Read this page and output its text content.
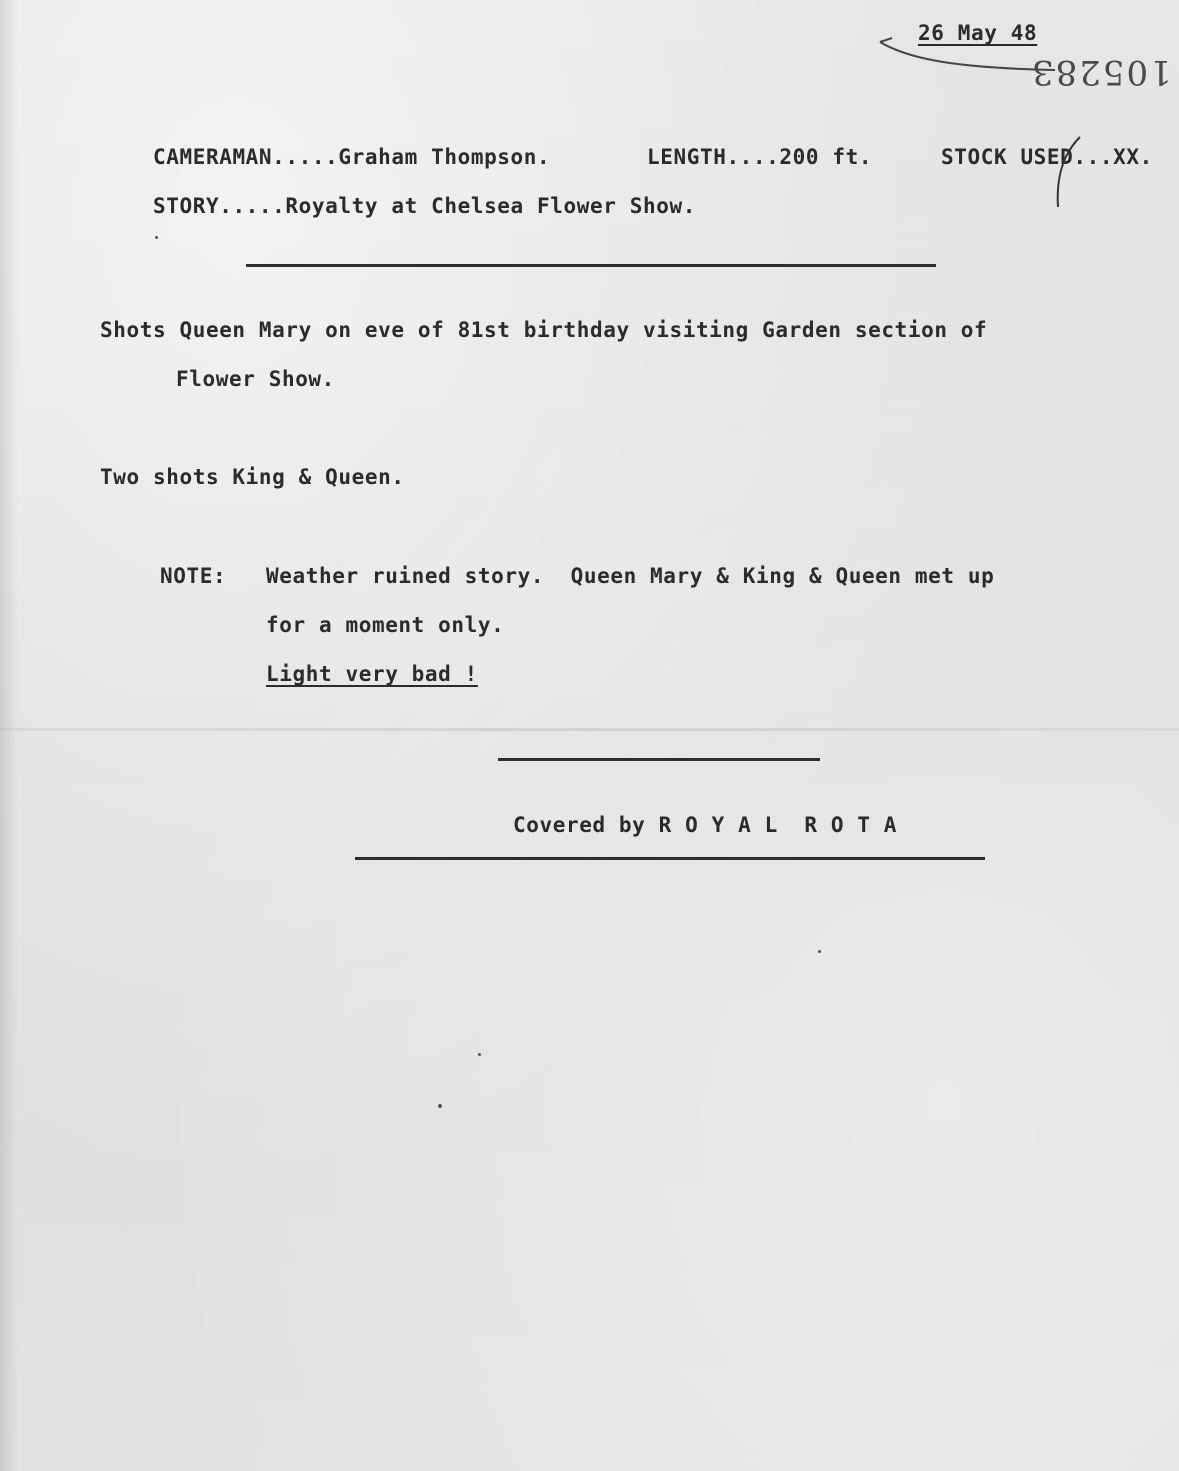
26 May 48
105283

CAMERAMAN.....Graham Thompson.
	LENGTH....200 ft.
	STOCK USED...XX.

STORY.....Royalty at Chelsea Flower Show.

Shots Queen Mary on eve of 81st birthday visiting Garden section of
Flower Show.
Two shots King & Queen.
NOTE: Weather ruined story.  Queen Mary & King & Queen met up
for a moment only.
Light very bad !

Covered by R O Y A L  R O T A
